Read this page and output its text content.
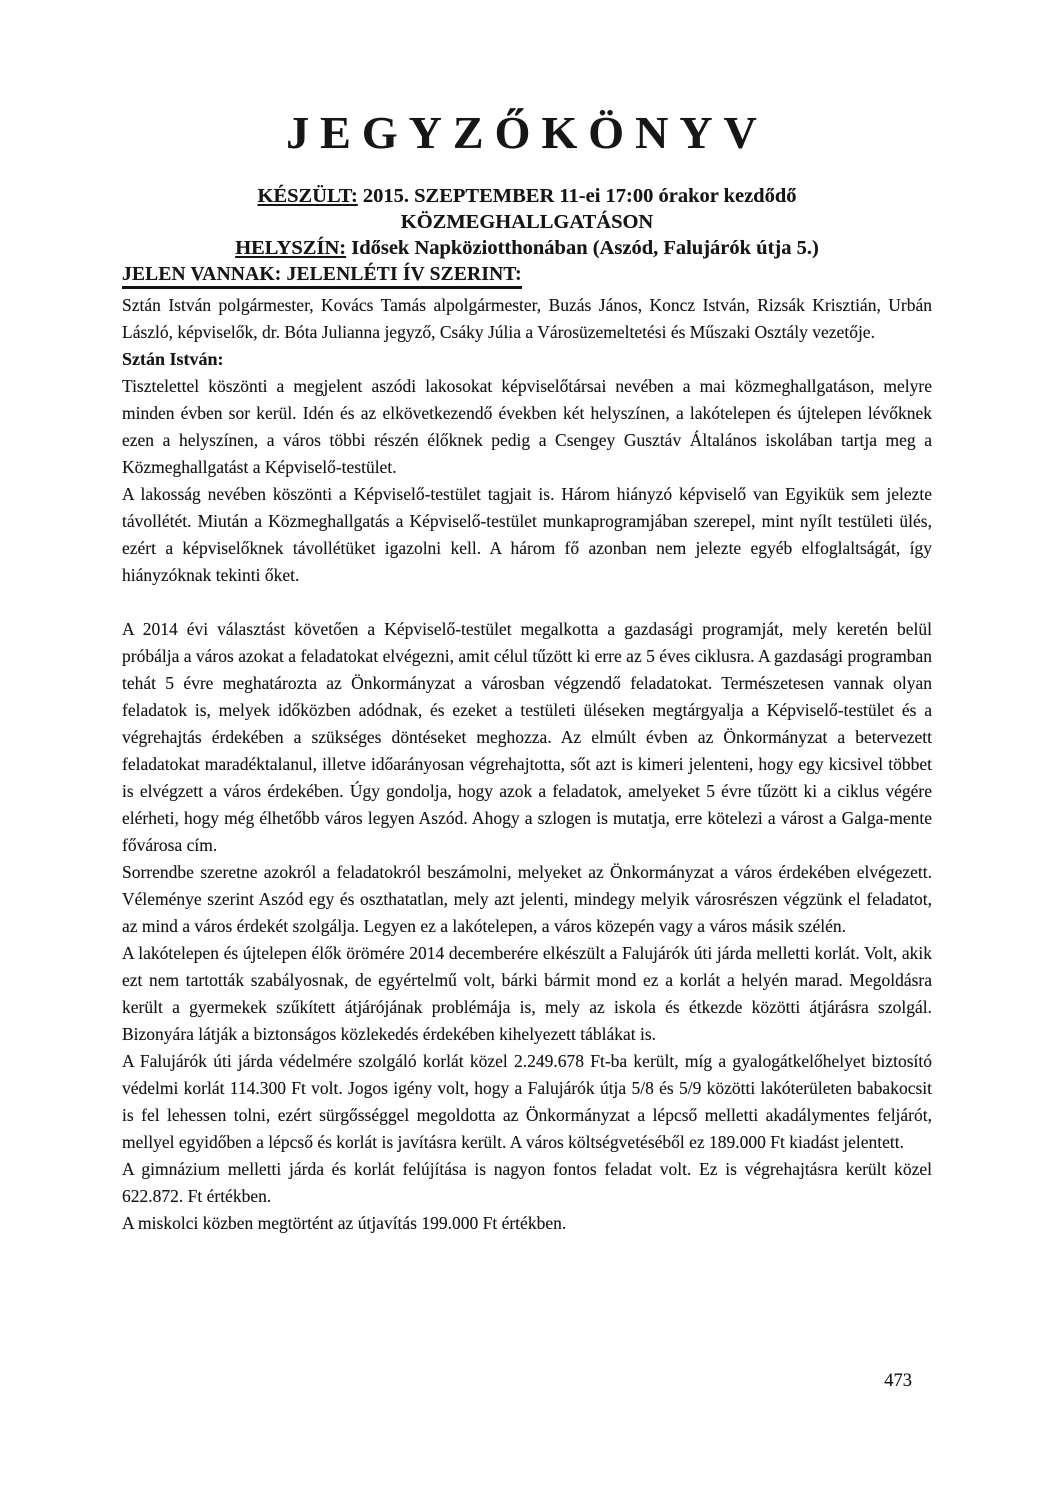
JEGYZŐKÖNYV

KÉSZÜLT: 2015. SZEPTEMBER 11-ei 17:00 órakor kezdődő

KÖZMEGHALLGATÁSON

HELYSZÍN: Idősek Napköziotthonában (Aszód, Falujárók útja 5.)

JELEN VANNAK: JELENLÉTI ÍV SZERINT:

Sztán István polgármester, Kovács Tamás alpolgármester, Buzás János, Koncz István, Rizsák Krisztián, Urbán László, képviselők, dr. Bóta Julianna jegyző, Csáky Júlia a Városüzemeltetési és Műszaki Osztály vezetője.

Sztán István:

Tisztelettel köszönti a megjelent aszódi lakosokat képviselőtársai nevében a mai közmeghallgatáson, melyre minden évben sor kerül. Idén és az elkövetkezendő években két helyszínen, a lakótelepen és újtelepen lévőknek ezen a helyszínen, a város többi részén élőknek pedig a Csengey Gusztáv Általános iskolában tartja meg a Közmeghallgatást a Képviselő-testület.

A lakosság nevében köszönti a Képviselő-testület tagjait is. Három hiányzó képviselő van Egyikük sem jelezte távollétét. Miután a Közmeghallgatás a Képviselő-testület munkaprogramjában szerepel, mint nyílt testületi ülés, ezért a képviselőknek távollétüket igazolni kell. A három fő azonban nem jelezte egyéb elfoglaltságát, így hiányzóknak tekinti őket.

A 2014 évi választást követően a Képviselő-testület megalkotta a gazdasági programját, mely keretén belül próbálja a város azokat a feladatokat elvégezni, amit célul tűzött ki erre az 5 éves ciklusra. A gazdasági programban tehát 5 évre meghatározta az Önkormányzat a városban végzendő feladatokat. Természetesen vannak olyan feladatok is, melyek időközben adódnak, és ezeket a testületi üléseken megtárgyalja a Képviselő-testület és a végrehajtás érdekében a szükséges döntéseket meghozza. Az elmúlt évben az Önkormányzat a betervezett feladatokat maradéktalanul, illetve időarányosan végrehajtotta, sőt azt is kimeri jelenteni, hogy egy kicsivel többet is elvégzett a város érdekében. Úgy gondolja, hogy azok a feladatok, amelyeket 5 évre tűzött ki a ciklus végére elérheti, hogy még élhetőbb város legyen Aszód. Ahogy a szlogen is mutatja, erre kötelezi a várost a Galga-mente fővárosa cím.

Sorrendbe szeretne azokról a feladatokról beszámolni, melyeket az Önkormányzat a város érdekében elvégezett. Véleménye szerint Aszód egy és oszthatatlan, mely azt jelenti, mindegy melyik városrészen végzünk el feladatot, az mind a város érdekét szolgálja. Legyen ez a lakótelepen, a város közepén vagy a város másik szélén.

A lakótelepen és újtelepen élők örömére 2014 decemberére elkészült a Falujárók úti járda melletti korlát. Volt, akik ezt nem tartották szabályosnak, de egyértelmű volt, bárki bármit mond ez a korlát a helyén marad. Megoldásra került a gyermekek szűkített átjárójának problémája is, mely az iskola és étkezde közötti átjárásra szolgál. Bizonyára látják a biztonságos közlekedés érdekében kihelyezett táblákat is.

A Falujárók úti járda védelmére szolgáló korlát közel 2.249.678 Ft-ba került, míg a gyalogátkelőhelyet biztosító védelmi korlát 114.300 Ft volt. Jogos igény volt, hogy a Falujárók útja 5/8 és 5/9 közötti lakóterületen babakocsit is fel lehessen tolni, ezért sürgősséggel megoldotta az Önkormányzat a lépcső melletti akadálymentes feljárót, mellyel egyidőben a lépcső és korlát is javításra került. A város költségvetéséből ez 189.000 Ft kiadást jelentett.

A gimnázium melletti járda és korlát felújítása is nagyon fontos feladat volt. Ez is végrehajtásra került közel 622.872. Ft értékben.

A miskolci közben megtörtént az útjavítás 199.000 Ft értékben.

473
